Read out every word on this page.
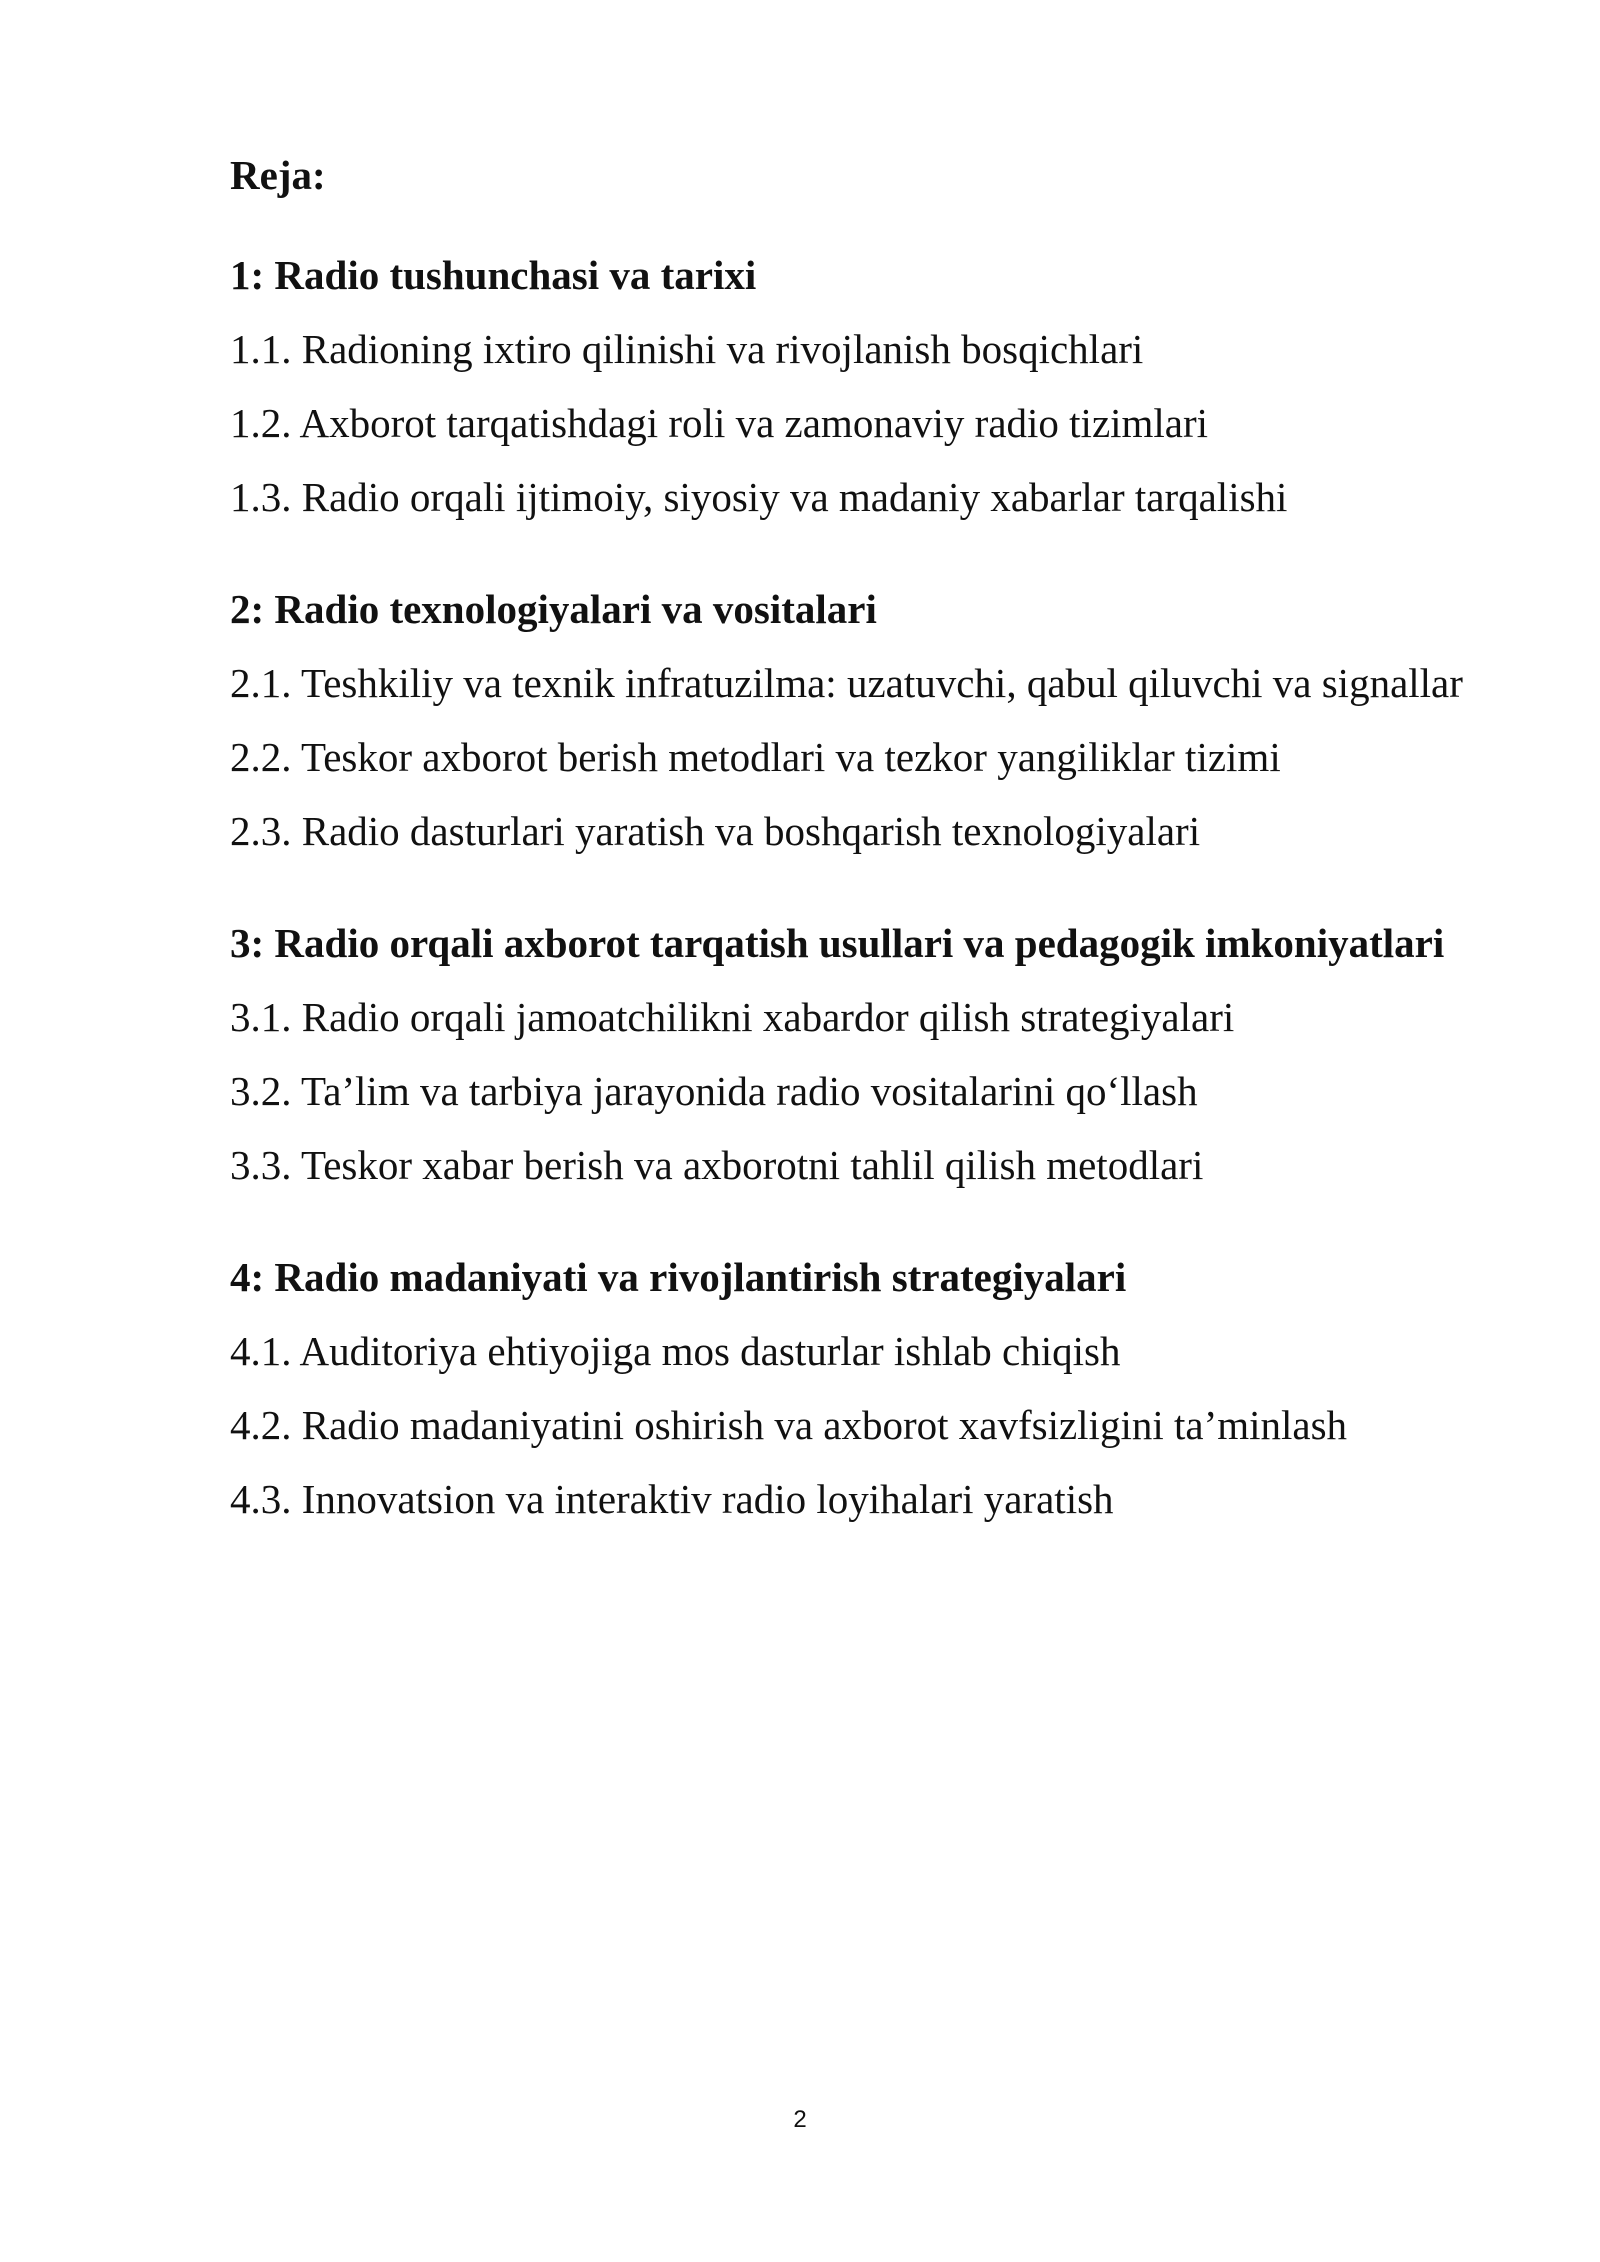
Reja:

1: Radio tushunchasi va tarixi

1.1. Radioning ixtiro qilinishi va rivojlanish bosqichlari

1.2. Axborot tarqatishdagi roli va zamonaviy radio tizimlari

1.3. Radio orqali ijtimoiy, siyosiy va madaniy xabarlar tarqalishi

2: Radio texnologiyalari va vositalari

2.1. Teshkiliy va texnik infratuzilma: uzatuvchi, qabul qiluvchi va signallar

2.2. Teskor axborot berish metodlari va tezkor yangiliklar tizimi

2.3. Radio dasturlari yaratish va boshqarish texnologiyalari

3: Radio orqali axborot tarqatish usullari va pedagogik imkoniyatlari

3.1. Radio orqali jamoatchilikni xabardor qilish strategiyalari

3.2. Ta’lim va tarbiya jarayonida radio vositalarini qo‘llash

3.3. Teskor xabar berish va axborotni tahlil qilish metodlari

4: Radio madaniyati va rivojlantirish strategiyalari

4.1. Auditoriya ehtiyojiga mos dasturlar ishlab chiqish

4.2. Radio madaniyatini oshirish va axborot xavfsizligini ta’minlash

4.3. Innovatsion va interaktiv radio loyihalari yaratish

2
